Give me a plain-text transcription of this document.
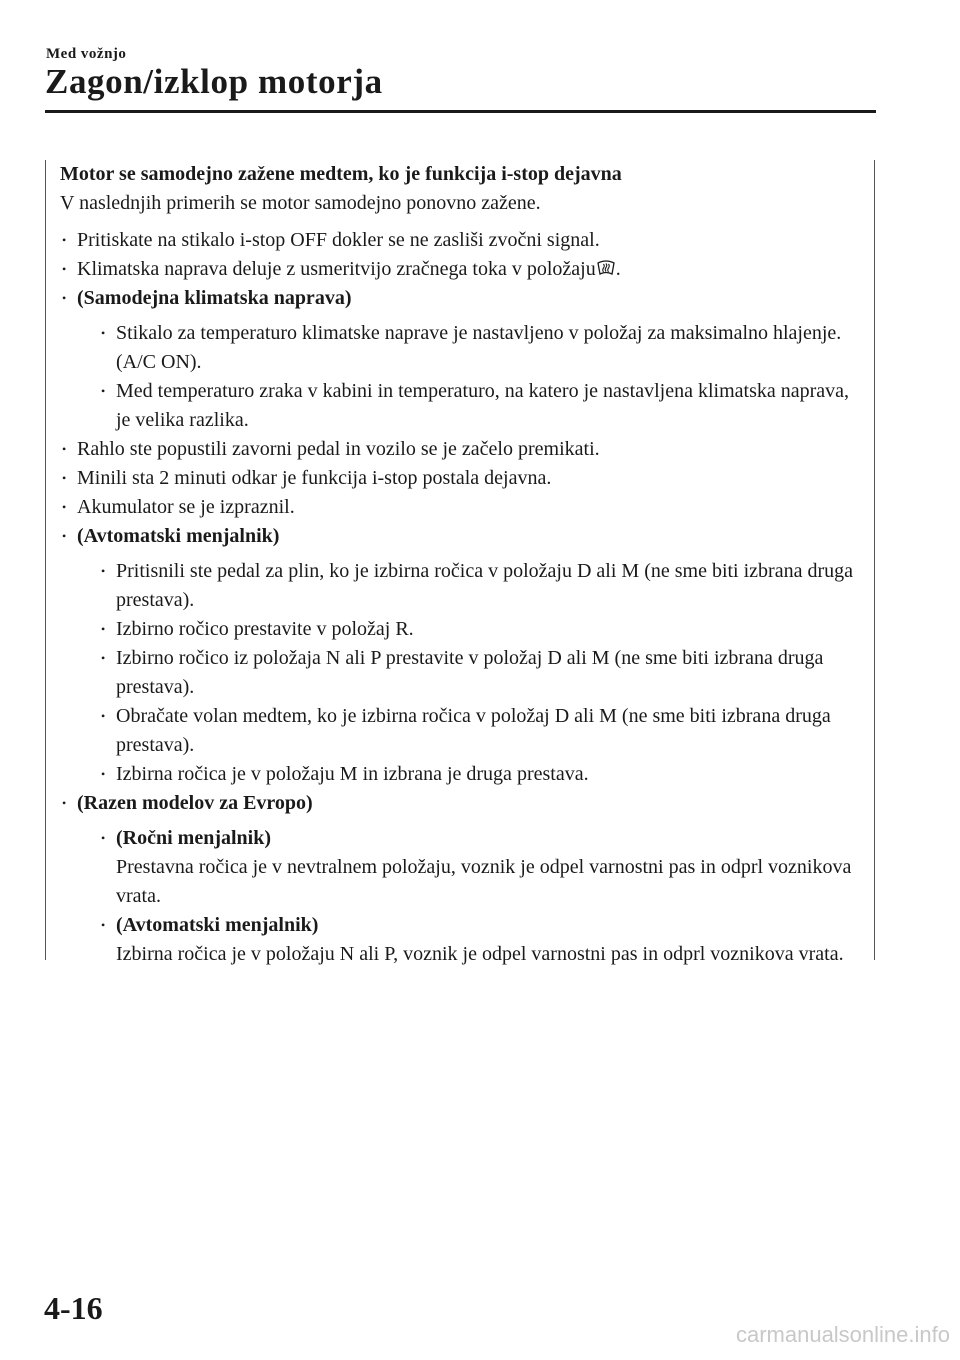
Med vožnjo
Zagon/izklop motorja

Motor se samodejno zažene medtem, ko je funkcija i-stop dejavna

V naslednjih primerih se motor samodejno ponovno zažene.

• Pritiskate na stikalo i-stop OFF dokler se ne zasliši zvočni signal.
• Klimatska naprava deluje z usmeritvijo zračnega toka v položaju .
• (Samodejna klimatska naprava)
• Stikalo za temperaturo klimatske naprave je nastavljeno v položaj za maksimalno hlajenje.(A/C ON).
• Med temperaturo zraka v kabini in temperaturo, na katero je nastavljena klimatska naprava, je velika razlika.
• Rahlo ste popustili zavorni pedal in vozilo se je začelo premikati.
• Minili sta 2 minuti odkar je funkcija i-stop postala dejavna.
• Akumulator se je izpraznil.
• (Avtomatski menjalnik)
• Pritisnili ste pedal za plin, ko je izbirna ročica v položaju D ali M (ne sme biti izbrana druga prestava).
• Izbirno ročico prestavite v položaj R.
• Izbirno ročico iz položaja N ali P prestavite v položaj D ali M (ne sme biti izbrana druga prestava).
• Obračate volan medtem, ko je izbirna ročica v položaj D ali M (ne sme biti izbrana druga prestava).
• Izbirna ročica je v položaju M in izbrana je druga prestava.
• (Razen modelov za Evropo)
• (Ročni menjalnik)
Prestavna ročica je v nevtralnem položaju, voznik je odpel varnostni pas in odprl voznikova vrata.
• (Avtomatski menjalnik)
Izbirna ročica je v položaju N ali P, voznik je odpel varnostni pas in odprl voznikova vrata.
4-16
carmanualsonline.info
